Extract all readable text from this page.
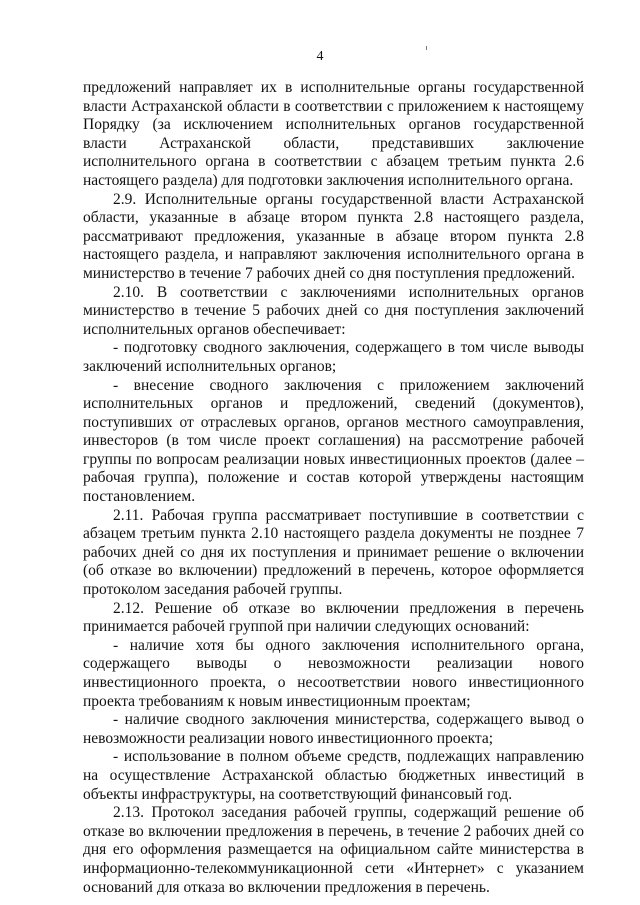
4

предложений направляет их в исполнительные органы государственной власти Астраханской области в соответствии с приложением к настоящему Порядку (за исключением исполнительных органов государственной власти Астраханской области, представивших заключение исполнительного органа в соответствии с абзацем третьим пункта 2.6 настоящего раздела) для подготовки заключения исполнительного органа.

2.9. Исполнительные органы государственной власти Астраханской области, указанные в абзаце втором пункта 2.8 настоящего раздела, рассматривают предложения, указанные в абзаце втором пункта 2.8 настоящего раздела, и направляют заключения исполнительного органа в министерство в течение 7 рабочих дней со дня поступления предложений.

2.10. В соответствии с заключениями исполнительных органов министерство в течение 5 рабочих дней со дня поступления заключений исполнительных органов обеспечивает:

- подготовку сводного заключения, содержащего в том числе выводы заключений исполнительных органов;

- внесение сводного заключения с приложением заключений исполнительных органов и предложений, сведений (документов), поступивших от отраслевых органов, органов местного самоуправления, инвесторов (в том числе проект соглашения) на рассмотрение рабочей группы по вопросам реализации новых инвестиционных проектов (далее – рабочая группа), положение и состав которой утверждены настоящим постановлением.

2.11. Рабочая группа рассматривает поступившие в соответствии с абзацем третьим пункта 2.10 настоящего раздела документы не позднее 7 рабочих дней со дня их поступления и принимает решение о включении (об отказе во включении) предложений в перечень, которое оформляется протоколом заседания рабочей группы.

2.12. Решение об отказе во включении предложения в перечень принимается рабочей группой при наличии следующих оснований:

- наличие хотя бы одного заключения исполнительного органа, содержащего выводы о невозможности реализации нового инвестиционного проекта, о несоответствии нового инвестиционного проекта требованиям к новым инвестиционным проектам;

- наличие сводного заключения министерства, содержащего вывод о невозможности реализации нового инвестиционного проекта;

- использование в полном объеме средств, подлежащих направлению на осуществление Астраханской областью бюджетных инвестиций в объекты инфраструктуры, на соответствующий финансовый год.

2.13. Протокол заседания рабочей группы, содержащий решение об отказе во включении предложения в перечень, в течение 2 рабочих дней со дня его оформления размещается на официальном сайте министерства в информационно-телекоммуникационной сети «Интернет» с указанием оснований для отказа во включении предложения в перечень.
